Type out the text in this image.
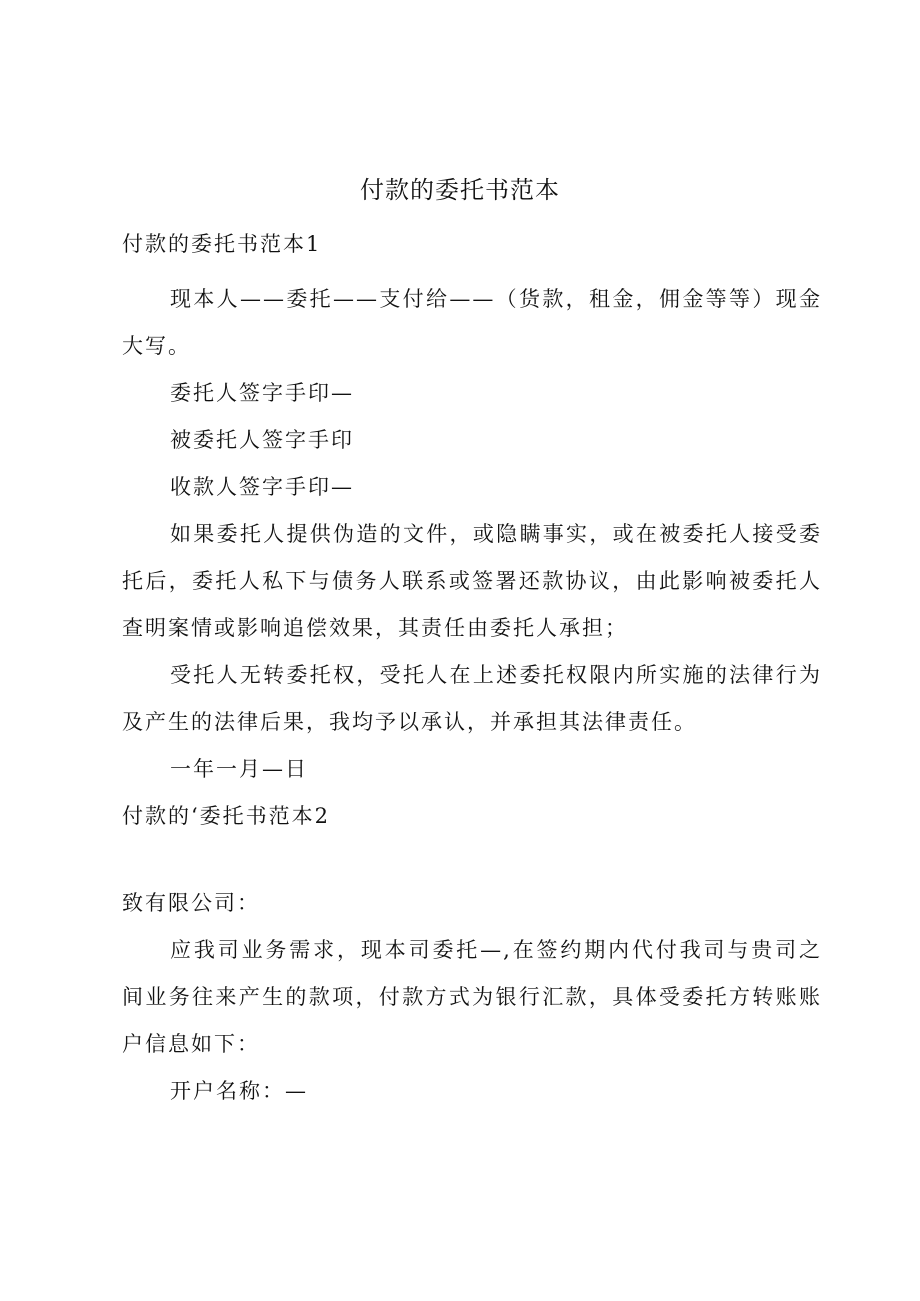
付款的委托书范本

付款的委托书范本1

现本人——委托——支付给——（货款，租金，佣金等等）现金大写。

委托人签字手印—

被委托人签字手印

收款人签字手印—

如果委托人提供伪造的文件，或隐瞒事实，或在被委托人接受委托后，委托人私下与债务人联系或签署还款协议，由此影响被委托人查明案情或影响追偿效果，其责任由委托人承担；

受托人无转委托权，受托人在上述委托权限内所实施的法律行为及产生的法律后果，我均予以承认，并承担其法律责任。

一年一月—日

付款的‘委托书范本2

致有限公司：

应我司业务需求，现本司委托—,在签约期内代付我司与贵司之间业务往来产生的款项，付款方式为银行汇款，具体受委托方转账账户信息如下：

开户名称：—
